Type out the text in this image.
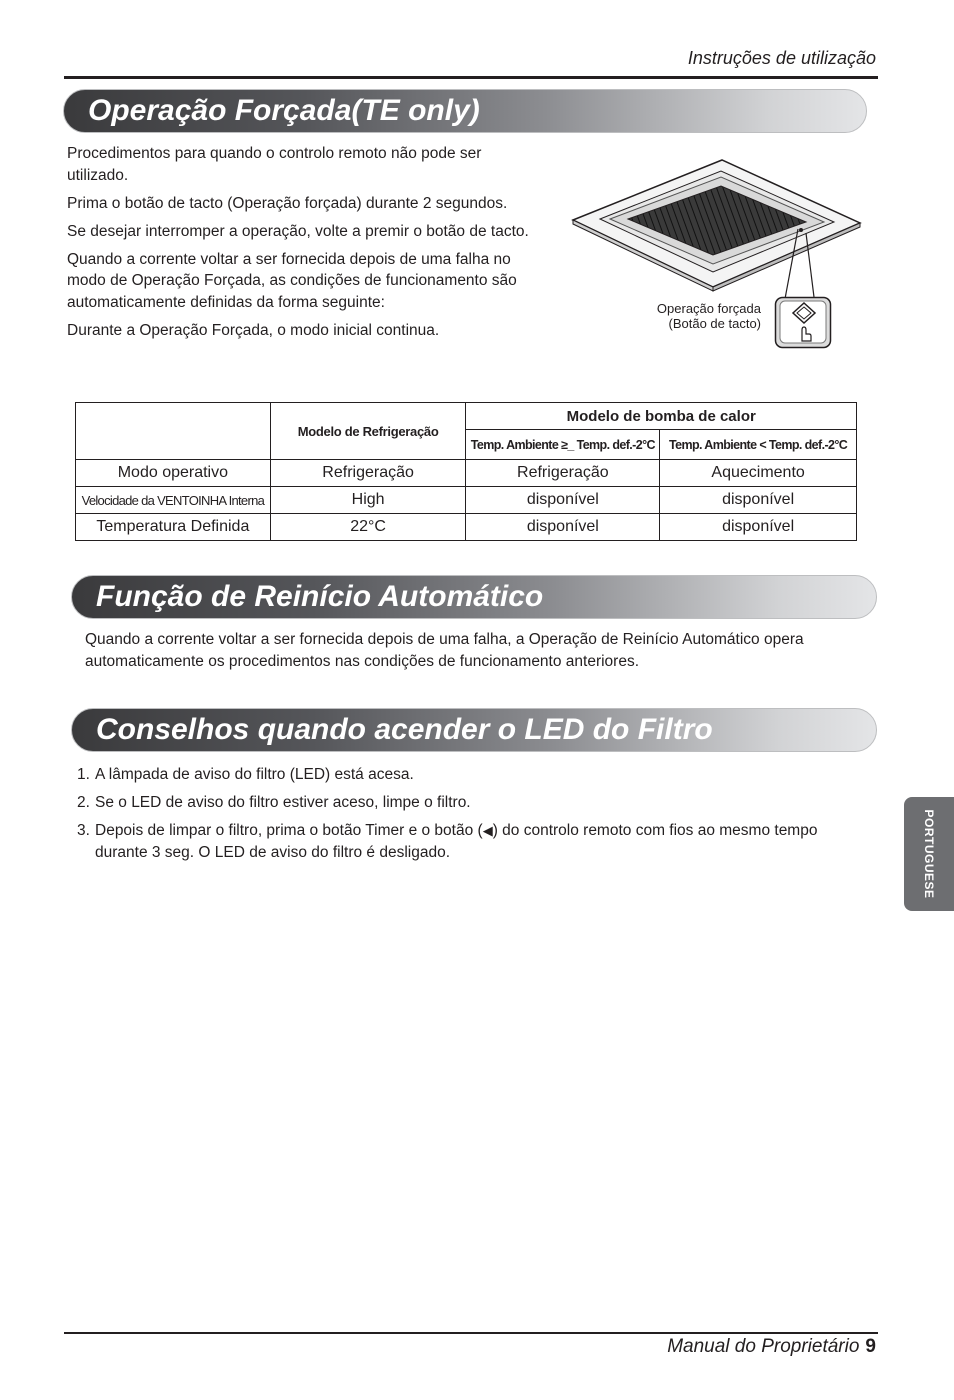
Instruções de utilização
Operação Forçada(TE only)

Procedimentos para quando o controlo remoto não pode ser utilizado.

Prima o botão de tacto (Operação forçada) durante 2 segundos.

Se desejar interromper a operação, volte a premir o botão de tacto.

Quando a corrente voltar a ser fornecida depois de uma falha no modo de Operação Forçada, as condições de funcionamento são automaticamente definidas da forma seguinte:

Durante a Operação Forçada, o modo inicial continua.

Operação forçada
(Botão de tacto)
	Modelo de Refrigeração	Modelo de bomba de calor	
		Temp. Ambiente ≥_ Temp. def.-2°C	Temp. Ambiente < Temp. def.-2°C
Modo operativo	Refrigeração	Refrigeração	Aquecimento
Velocidade da VENTOINHA Interna	High	disponível	disponível
Temperatura Definida	22°C	disponível	disponível
Função de Reinício Automático

Quando a corrente voltar a ser fornecida depois de uma falha, a Operação de Reinício Automático opera automaticamente os procedimentos nas condições de funcionamento anteriores.

Conselhos quando acender o LED do Filtro
1. A lâmpada de aviso do filtro (LED) está acesa.
2. Se o LED de aviso do filtro estiver aceso, limpe o filtro.
3. Depois de limpar o filtro, prima o botão Timer e o botão (◀) do controlo remoto com fios ao mesmo tempo durante 3 seg. O LED de aviso do filtro é desligado.	PORTUGUESE
Manual do Proprietário 9
